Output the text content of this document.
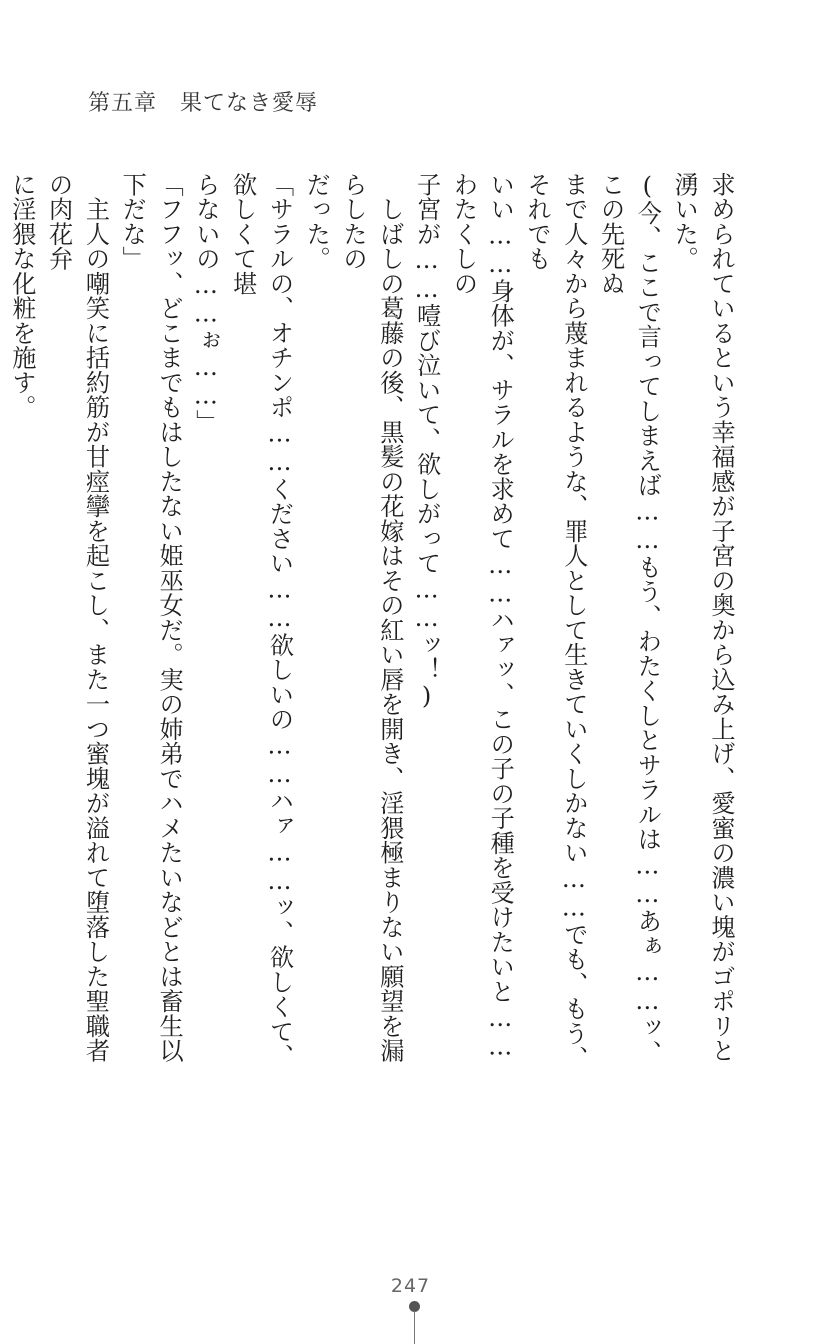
第五章　果てなき愛辱

求められているという幸福感が子宮の奥から込み上げ、愛蜜の濃い塊がゴポリと湧いた。

(今、ここで言ってしまえば……もう、わたくしとサラルは……あぁ……ッ、この先死ぬ

まで人々から蔑まれるような、罪人として生きていくしかない……でも、もう、それでも

いい……身体が、サラルを求めて……ハァッ、この子の子種を受けたいと……わたくしの

子宮が……噎び泣いて、欲しがって……ッ！)

　しばしの葛藤の後、黒髪の花嫁はその紅い唇を開き、淫猥極まりない願望を漏らしたの

だった。

「サラルの、オチンポ……ください……欲しいの……ハァ……ッ、欲しくて、欲しくて堪

らないの……ぉ……」

「フフッ、どこまでもはしたない姫巫女だ。実の姉弟でハメたいなどとは畜生以下だな」

　主人の嘲笑に括約筋が甘痙攣を起こし、また一つ蜜塊が溢れて堕落した聖職者の肉花弁

に淫猥な化粧を施す。

247
